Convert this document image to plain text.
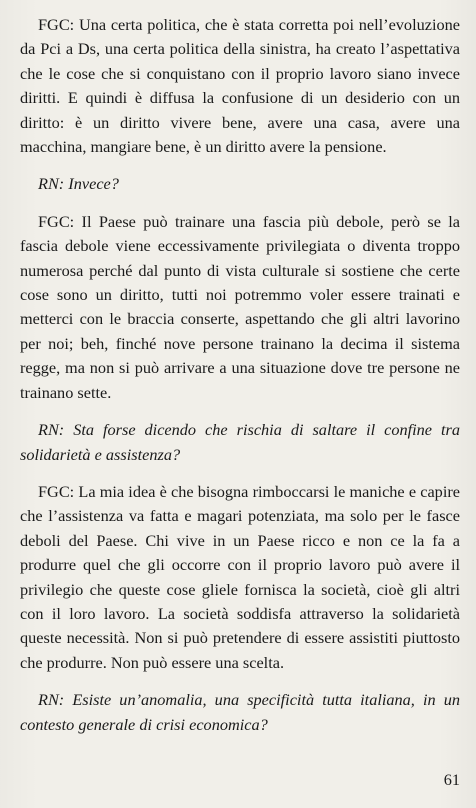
FGC: Una certa politica, che è stata corretta poi nell’evoluzione da Pci a Ds, una certa politica della sinistra, ha creato l’aspettativa che le cose che si conquistano con il proprio lavoro siano invece diritti. E quindi è diffusa la confusione di un desiderio con un diritto: è un diritto vivere bene, avere una casa, avere una macchina, mangiare bene, è un diritto avere la pensione.

RN: Invece?

FGC: Il Paese può trainare una fascia più debole, però se la fascia debole viene eccessivamente privilegiata o diventa troppo numerosa perché dal punto di vista culturale si sostiene che certe cose sono un diritto, tutti noi potremmo voler essere trainati e metterci con le braccia conserte, aspettando che gli altri lavorino per noi; beh, finché nove persone trainano la decima il sistema regge, ma non si può arrivare a una situazione dove tre persone ne trainano sette.

RN: Sta forse dicendo che rischia di saltare il confine tra solidarietà e assistenza?

FGC: La mia idea è che bisogna rimboccarsi le maniche e capire che l’assistenza va fatta e magari potenziata, ma solo per le fasce deboli del Paese. Chi vive in un Paese ricco e non ce la fa a produrre quel che gli occorre con il proprio lavoro può avere il privilegio che queste cose gliele fornisca la società, cioè gli altri con il loro lavoro. La società soddisfa attraverso la solidarietà queste necessità. Non si può pretendere di essere assistiti piuttosto che produrre. Non può essere una scelta.

RN: Esiste un’anomalia, una specificità tutta italiana, in un contesto generale di crisi economica?

61
